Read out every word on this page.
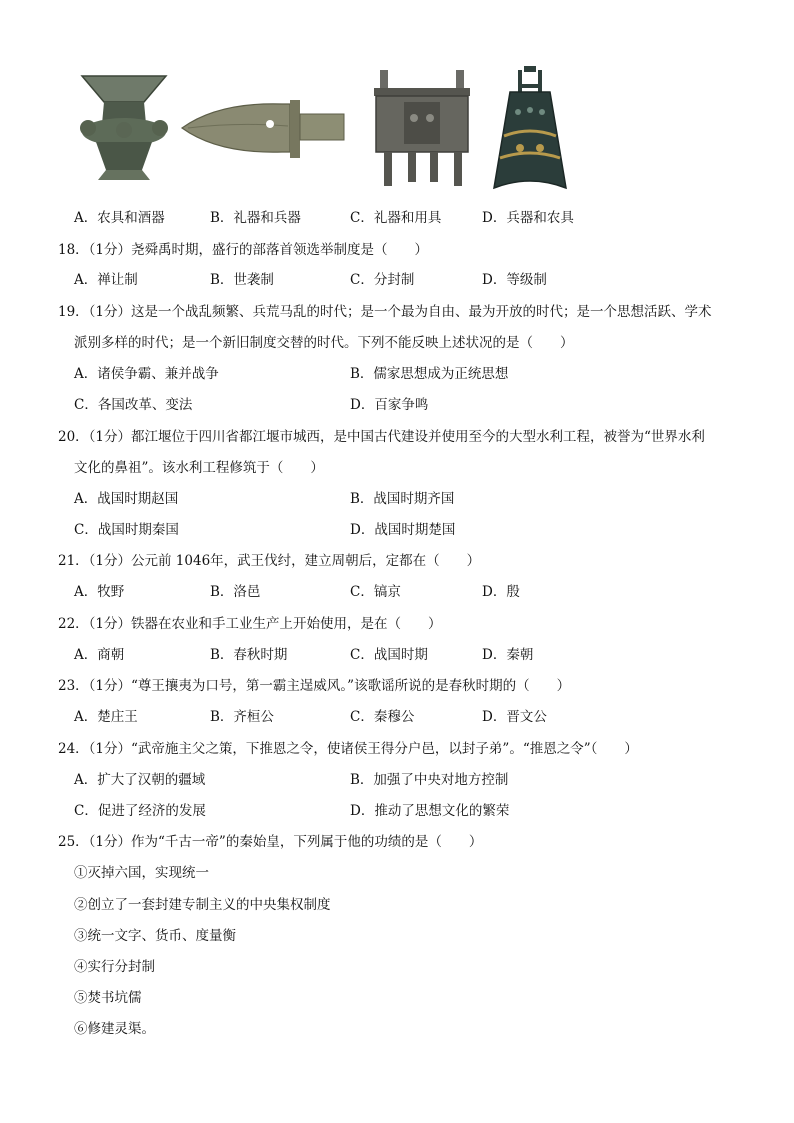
A．农具和酒器	B．礼器和兵器	C．礼器和用具	D．兵器和农具
18．（1分）尧舜禹时期，盛行的部落首领选举制度是（　　）
A．禅让制	B．世袭制	C．分封制	D．等级制
19．（1分）这是一个战乱频繁、兵荒马乱的时代；是一个最为自由、最为开放的时代；是一个思想活跃、学术
派别多样的时代；是一个新旧制度交替的时代。下列不能反映上述状况的是（　　）
A．诸侯争霸、兼并战争	B．儒家思想成为正统思想
C．各国改革、变法	D．百家争鸣
20．（1分）都江堰位于四川省都江堰市城西，是中国古代建设并使用至今的大型水利工程，被誉为“世界水利
文化的鼻祖”。该水利工程修筑于（　　）
A．战国时期赵国	B．战国时期齐国
C．战国时期秦国	D．战国时期楚国
21．（1分）公元前 1046年，武王伐纣，建立周朝后，定都在（　　）
A．牧野	B．洛邑	C．镐京	D．殷
22．（1分）铁器在农业和手工业生产上开始使用，是在（　　）
A．商朝	B．春秋时期	C．战国时期	D．秦朝
23．（1分）“尊王攘夷为口号，第一霸主逞威风。”该歌谣所说的是春秋时期的（　　）
A．楚庄王	B．齐桓公	C．秦穆公	D．晋文公
24．（1分）“武帝施主父之策，下推恩之令，使诸侯王得分户邑，以封子弟”。“推恩之令”（　　）
A．扩大了汉朝的疆域	B．加强了中央对地方控制
C．促进了经济的发展	D．推动了思想文化的繁荣
25．（1分）作为“千古一帝”的秦始皇，下列属于他的功绩的是（　　）
①灭掉六国，实现统一
②创立了一套封建专制主义的中央集权制度
③统一文字、货币、度量衡
④实行分封制
⑤焚书坑儒
⑥修建灵渠。
